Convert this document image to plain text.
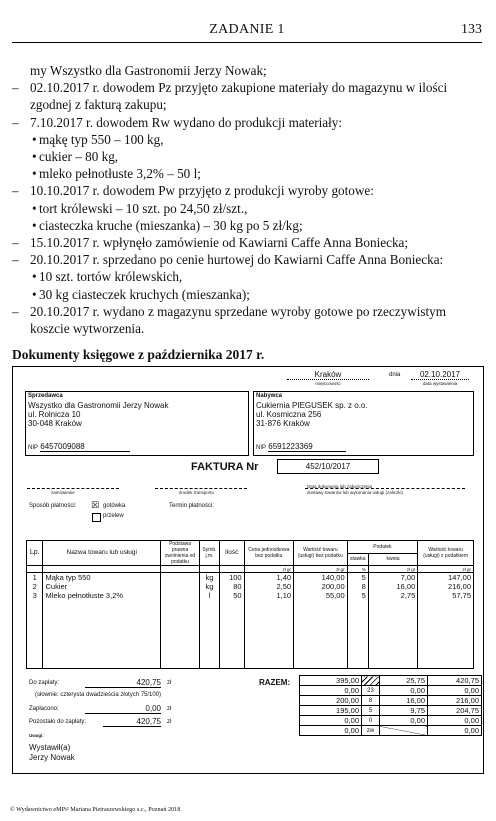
ZADANIE 1	133
my Wszystko dla Gastronomii Jerzy Nowak;
– 02.10.2017 r. dowodem Pz przyjęto zakupione materiały do magazynu w ilości
zgodnej z fakturą zakupu;
– 7.10.2017 r. dowodem Rw wydano do produkcji materiały:
• mąkę typ 550 – 100 kg,
• cukier – 80 kg,
• mleko pełnotłuste 3,2% – 50 l;
– 10.10.2017 r. dowodem Pw przyjęto z produkcji wyroby gotowe:
• tort królewski – 10 szt. po 24,50 zł/szt.,
• ciasteczka kruche (mieszanka) – 30 kg po 5 zł/kg;
– 15.10.2017 r. wpłynęło zamówienie od Kawiarni Caffe Anna Boniecka;
– 20.10.2017 r. sprzedano po cenie hurtowej do Kawiarni Caffe Anna Boniecka:
• 10 szt. tortów królewskich,
• 30 kg ciasteczek kruchych (mieszanka);
– 20.10.2017 r. wydano z magazynu sprzedane wyroby gotowe po rzeczywistym
koszcie wytworzenia.
Dokumenty księgowe z października 2017 r.
Kraków
miejscowość
dnia	02.10.2017
data wystawienia
Sprzedawca
Wszystko dla Gastronomii Jerzy Nowak
ul. Rolnicza 10
30-048 Kraków
NIP 6457009088
Nabywca
Cukiernia PIEGUSEK sp. z o.o.
ul. Kosmiczna 256
31-876 Kraków
NIP 6591223369
FAKTURA Nr	452/10/2017
zamówienie	środek transportu
Data dokonania lub zakończenia
dostawy towarów lub wykonania usługi (zaliczki)
Sposób płatności: ☒ gotówka
przelew
Termin płatności:
Lp.	Nazwa towaru lub usługi	Podstawa prawna zwolnienia od podatku	Symb. j.m.	Ilość	Cena jednostkowa bez podatku	Wartość towaru (usługi) bez podatku	Podatek		Wartość towaru (usługi) z podatkiem
							stawka	kwota	
					zł gr	zł gr	%	zł gr	zł gr
1	Mąka typ 550		kg	100	1,40	140,00	5	7,00	147,00
2	Cukier		kg	80	2,50	200,00	8	16,00	216,00
3	Mleko pełnotłuste 3,2%		l	50	1,10	55,00	5	2,75	57,75

Do zapłaty:	420,75 zł
(słownie: czterysta dwadzieścia złotych 75/100)
Zapłacono:	0,00 zł
Pozostało do zapłaty:	420,75 zł
Uwagi:
Wystawił(a)
Jerzy Nowak
RAZEM:	395,00		25,75	420,75
0,00	23	0,00	0,00
200,00	8	16,00	216,00
195,00	5	9,75	204,75
0,00	0	0,00	0,00
0,00	zw		0,00
© Wydawnictwo eMPi² Mariana Pietraszewskiego s.c., Poznań 2018
